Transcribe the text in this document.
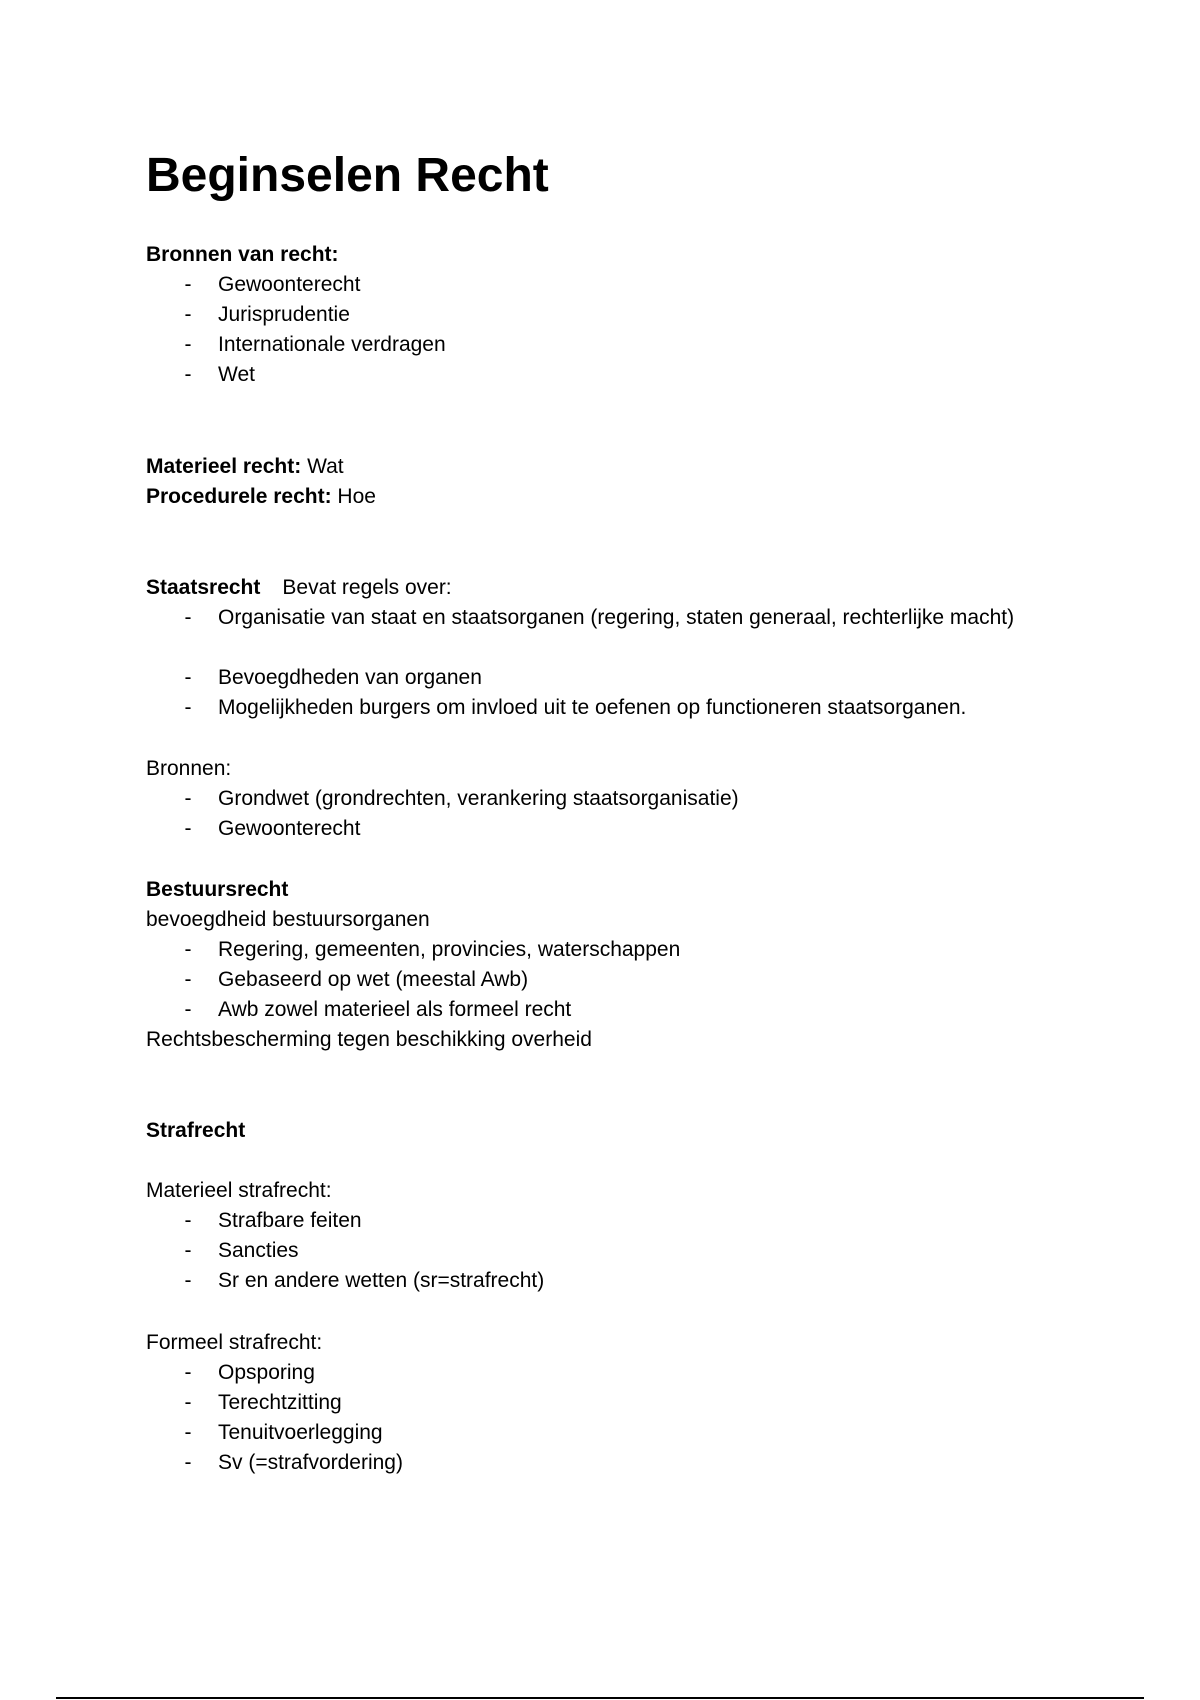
Beginselen Recht
Bronnen van recht:
- Gewoonterecht
- Jurisprudentie
- Internationale verdragen
- Wet
Materieel recht: Wat
Procedurele recht: Hoe
Staatsrecht Bevat regels over:
- Organisatie van staat en staatsorganen (regering, staten generaal, rechterlijke macht)
- Bevoegdheden van organen
- Mogelijkheden burgers om invloed uit te oefenen op functioneren staatsorganen.
Bronnen:
- Grondwet (grondrechten, verankering staatsorganisatie)
- Gewoonterecht
Bestuursrecht
bevoegdheid bestuursorganen
- Regering, gemeenten, provincies, waterschappen
- Gebaseerd op wet (meestal Awb)
- Awb zowel materieel als formeel recht
Rechtsbescherming tegen beschikking overheid
Strafrecht
Materieel strafrecht:
- Strafbare feiten
- Sancties
- Sr en andere wetten (sr=strafrecht)
Formeel strafrecht:
- Opsporing
- Terechtzitting
- Tenuitvoerlegging
- Sv (=strafvordering)
